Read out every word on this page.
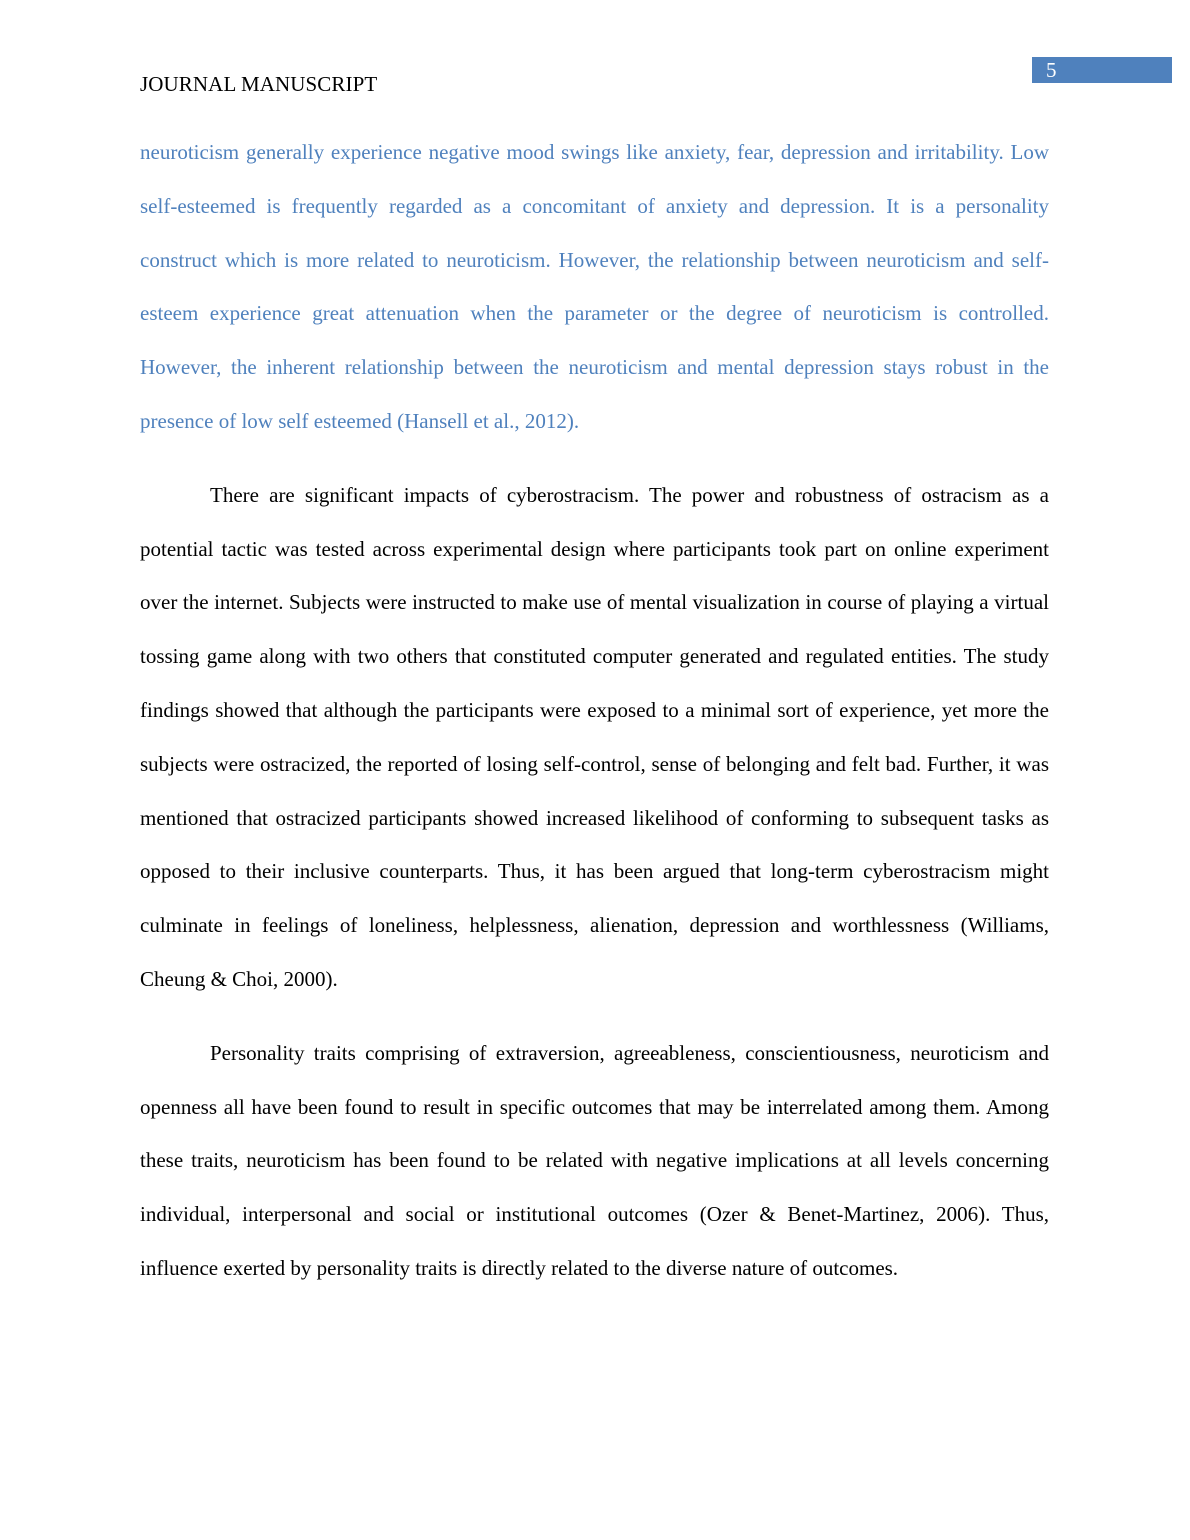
5
JOURNAL MANUSCRIPT

neuroticism generally experience negative mood swings like anxiety, fear, depression and irritability. Low self-esteemed is frequently regarded as a concomitant of anxiety and depression. It is a personality construct which is more related to neuroticism. However, the relationship between neuroticism and self-esteem experience great attenuation when the parameter or the degree of neuroticism is controlled. However, the inherent relationship between the neuroticism and mental depression stays robust in the presence of low self esteemed (Hansell et al., 2012).

There are significant impacts of cyberostracism. The power and robustness of ostracism as a potential tactic was tested across experimental design where participants took part on online experiment over the internet. Subjects were instructed to make use of mental visualization in course of playing a virtual tossing game along with two others that constituted computer generated and regulated entities. The study findings showed that although the participants were exposed to a minimal sort of experience, yet more the subjects were ostracized, the reported of losing self-control, sense of belonging and felt bad. Further, it was mentioned that ostracized participants showed increased likelihood of conforming to subsequent tasks as opposed to their inclusive counterparts. Thus, it has been argued that long-term cyberostracism might culminate in feelings of loneliness, helplessness, alienation, depression and worthlessness (Williams, Cheung & Choi, 2000).

Personality traits comprising of extraversion, agreeableness, conscientiousness, neuroticism and openness all have been found to result in specific outcomes that may be interrelated among them. Among these traits, neuroticism has been found to be related with negative implications at all levels concerning individual, interpersonal and social or institutional outcomes (Ozer & Benet-Martinez, 2006). Thus, influence exerted by personality traits is directly related to the diverse nature of outcomes.
